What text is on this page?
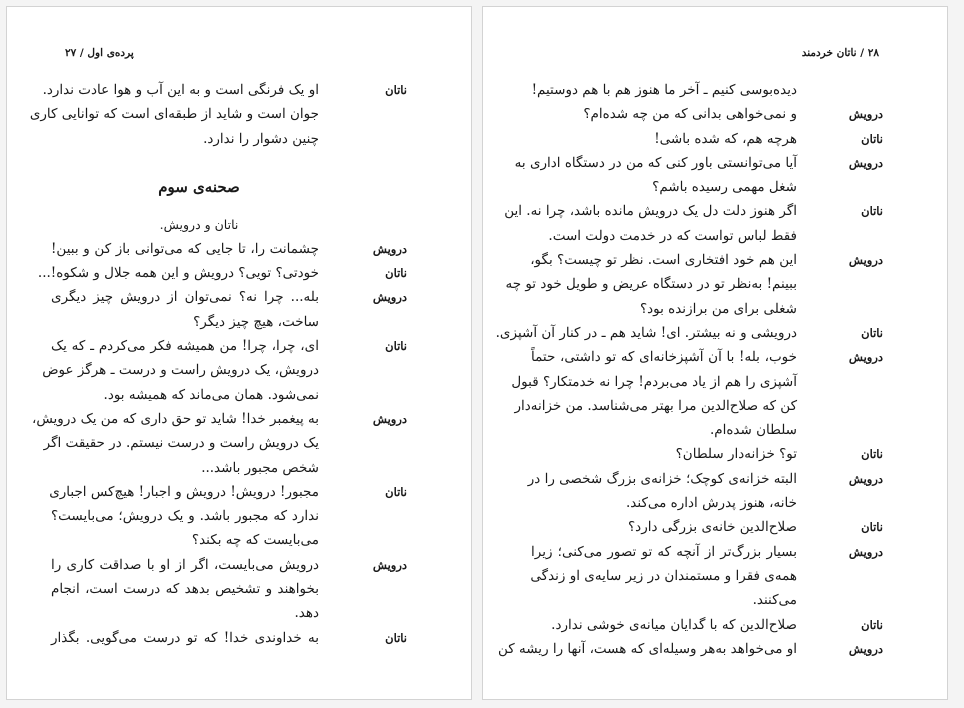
پرده‌ی اول / ۲۷
ناتان
او یک فرنگی است و به این آب و هوا عادت ندارد.
جوان است و شاید از طبقه‌ای است که توانایی کاری
چنین دشوار را ندارد.
صحنه‌ی سوم
ناتان و درویش.
درویش
چشمانت را، تا جایی که می‌توانی باز کن و ببین!
ناتان
خودتی؟ تویی؟ درویش و این همه جلال و شکوه!...
درویش
بله... چرا نه؟ نمی‌توان از درویش چیز دیگری
ساخت، هیچ چیز دیگر؟
ناتان
ای، چرا، چرا! من همیشه فکر می‌کردم ـ که یک
درویش، یک درویش راست و درست ـ هرگز عوض
نمی‌شود. همان می‌ماند که همیشه بود.
درویش
به پیغمبر خدا! شاید تو حق داری که من یک درویش،
یک درویش راست و درست نیستم. در حقیقت اگر
شخص مجبور باشد...
ناتان
مجبور! درویش! درویش و اجبار! هیچ‌کس اجباری
ندارد که مجبور باشد. و یک درویش؛ می‌بایست؟
می‌بایست که چه بکند؟
درویش
درویش می‌بایست، اگر از او با صداقت کاری را
بخواهند و تشخیص بدهد که درست است، انجام
دهد.
ناتان
به خداوندی خدا! که تو درست می‌گویی. بگذار
۲۸ / ناتان خردمند
دیده‌بوسی کنیم ـ آخر ما هنوز هم با هم دوستیم!
درویش
و نمی‌خواهی بدانی که من چه شده‌ام؟
ناتان
هرچه هم، که شده باشی!
درویش
آیا می‌توانستی باور کنی که من در دستگاه اداری به
شغل مهمی رسیده باشم؟
ناتان
اگر هنوز دلت دل یک درویش مانده باشد، چرا نه. این
فقط لباس تواست که در خدمت دولت است.
درویش
این هم خود افتخاری است. نظر تو چیست؟ بگو،
ببینم! به‌نظر تو در دستگاه عریض و طویل خود تو چه
شغلی برای من برازنده بود؟
ناتان
درویشی و نه بیشتر. ای! شاید هم ـ در کنار آن آشپزی.
درویش
خوب، بله! با آن آشپزخانه‌ای که تو داشتی، حتماً
آشپزی را هم از یاد می‌بردم! چرا نه خدمتکار؟ قبول
کن که صلاح‌الدین مرا بهتر می‌شناسد. من خزانه‌دار
سلطان شده‌ام.
ناتان
تو؟ خزانه‌دار سلطان؟
درویش
البته خزانه‌ی کوچک؛ خزانه‌ی بزرگ شخصی را در
خانه، هنوز پدرش اداره می‌کند.
ناتان
صلاح‌الدین خانه‌ی بزرگی دارد؟
درویش
بسیار بزرگ‌تر از آنچه که تو تصور می‌کنی؛ زیرا
همه‌ی فقرا و مستمندان در زیر سایه‌ی او زندگی
می‌کنند.
ناتان
صلاح‌الدین که با گدایان میانه‌ی خوشی ندارد.
درویش
او می‌خواهد به‌هر وسیله‌ای که هست، آنها را ریشه کن
